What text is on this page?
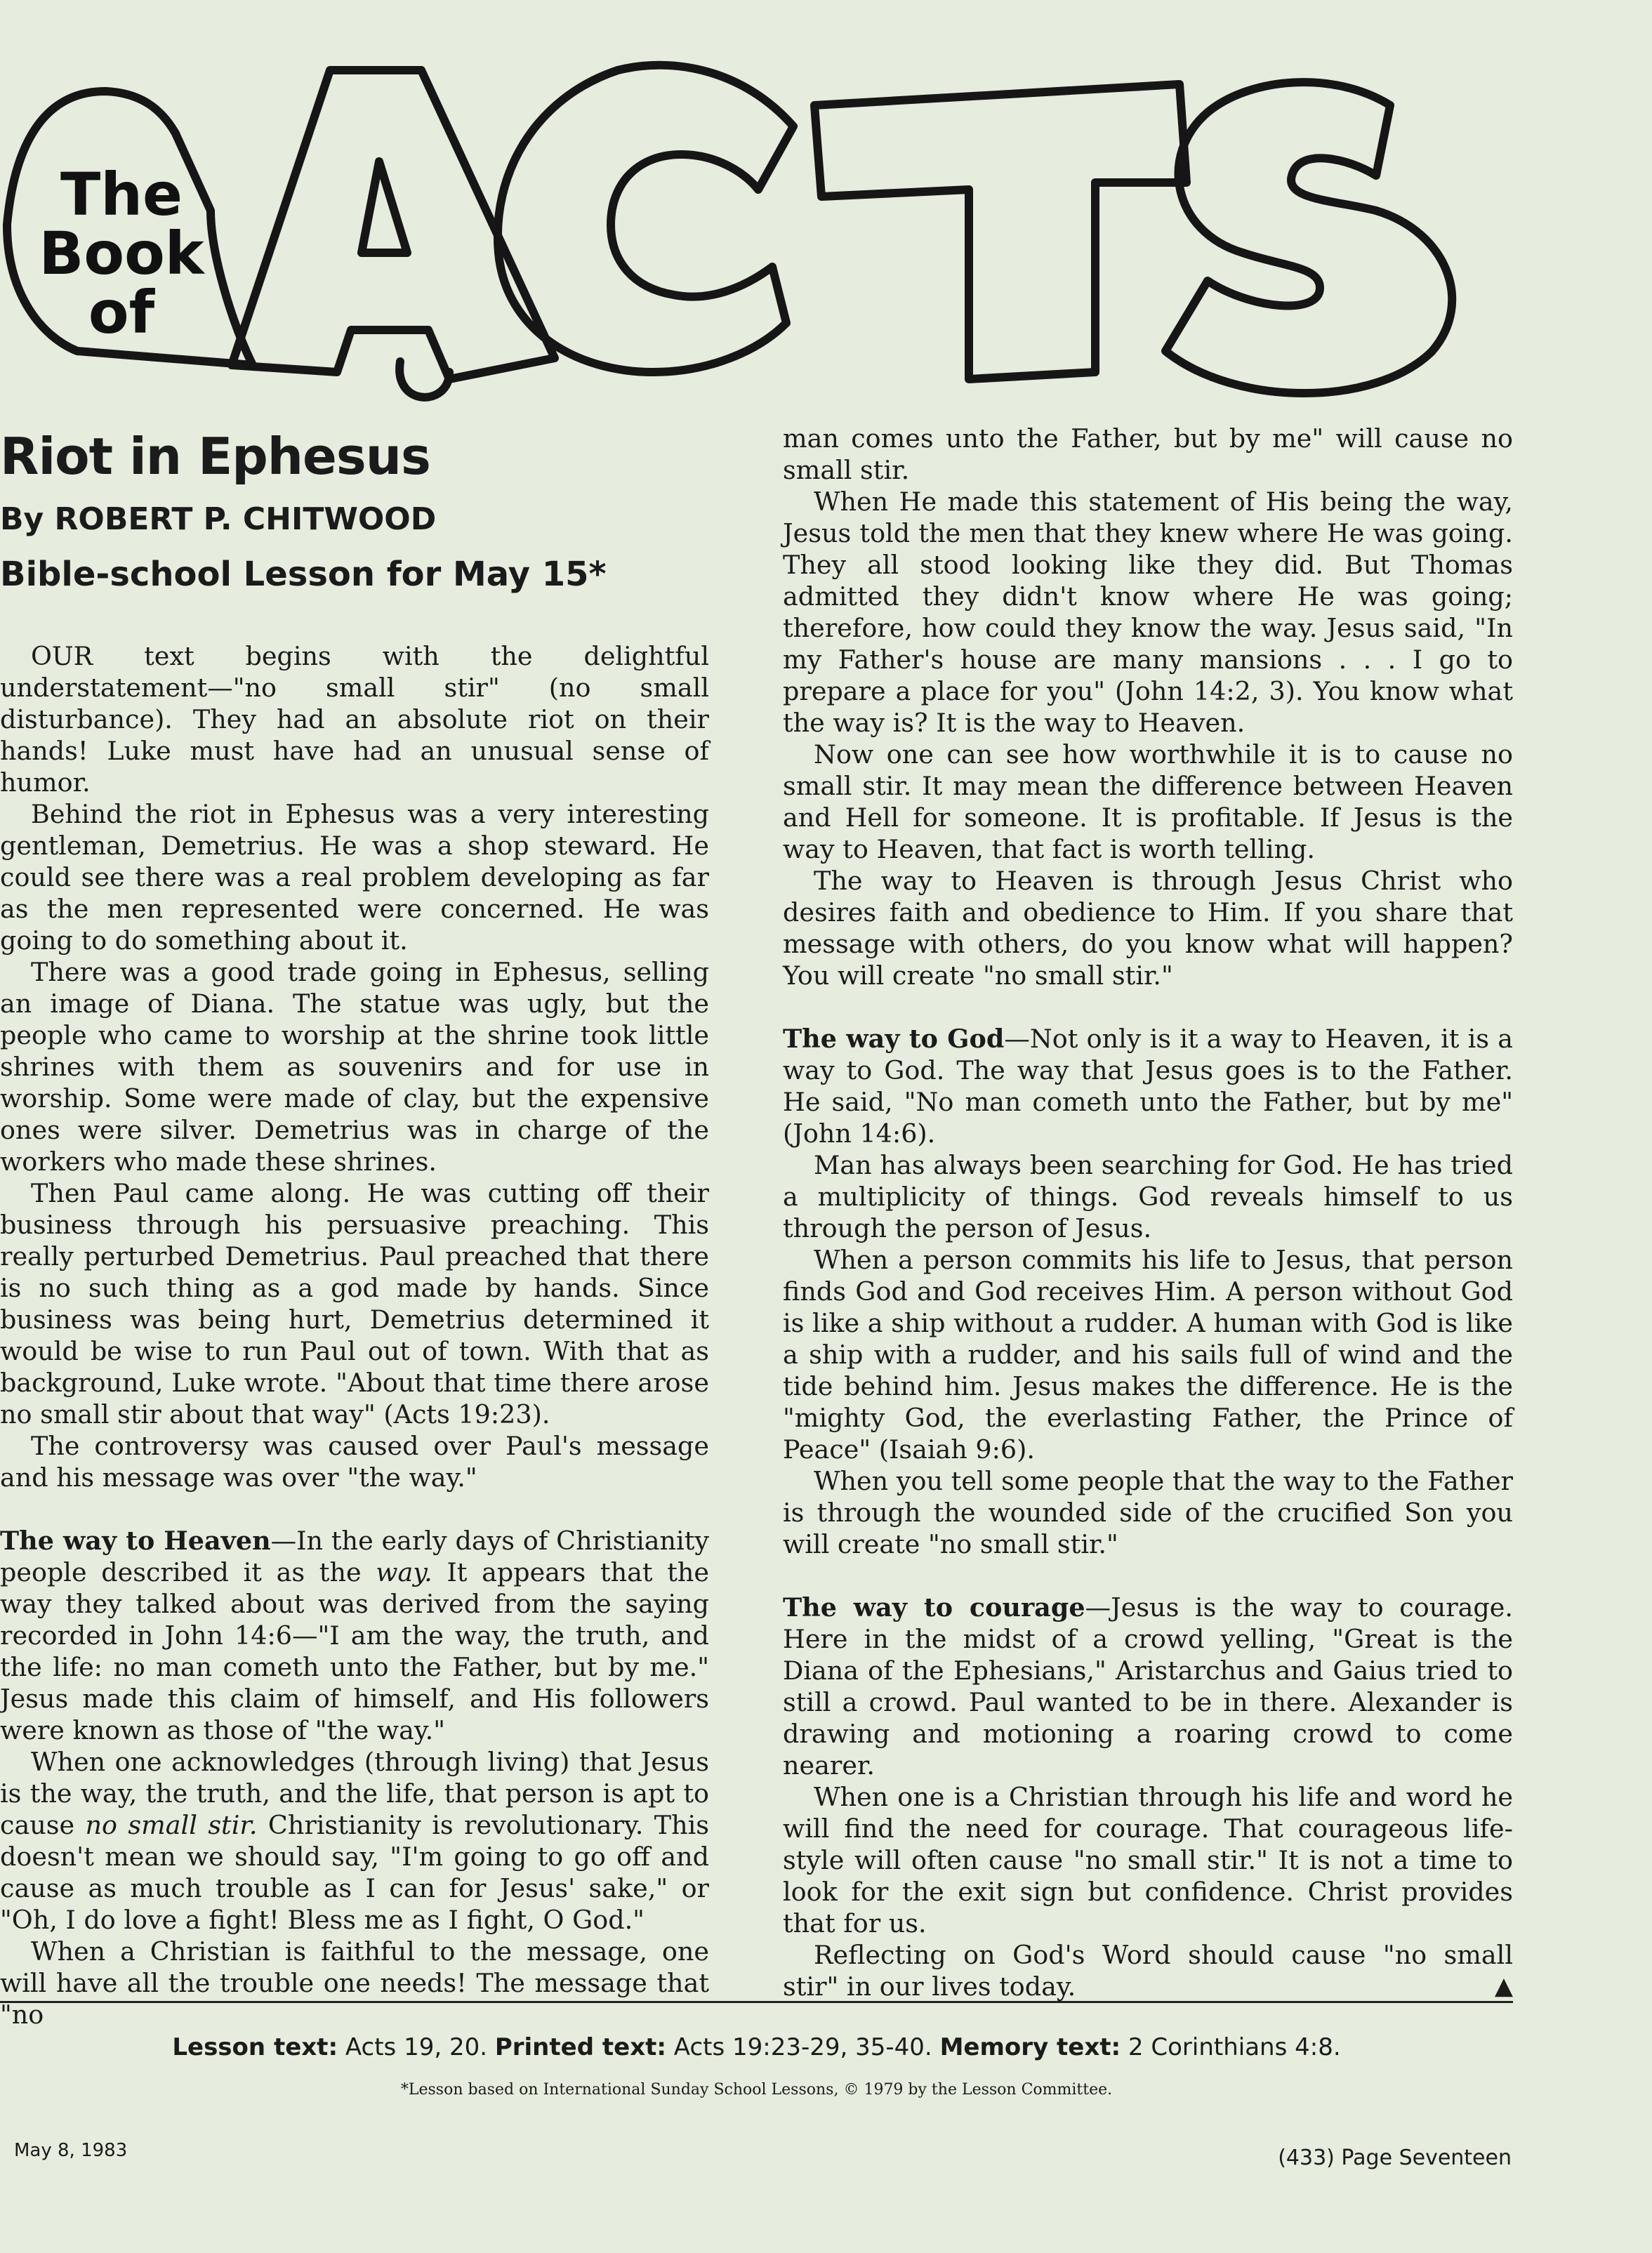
The
Book
of
Riot in Ephesus
By ROBERT P. CHITWOOD
Bible-school Lesson for May 15*

OUR text begins with the delightful understatement—"no small stir" (no small disturbance). They had an absolute riot on their hands! Luke must have had an unusual sense of humor.

Behind the riot in Ephesus was a very interesting gentleman, Demetrius. He was a shop steward. He could see there was a real problem developing as far as the men represented were concerned. He was going to do something about it.

There was a good trade going in Ephesus, selling an image of Diana. The statue was ugly, but the people who came to worship at the shrine took little shrines with them as souvenirs and for use in worship. Some were made of clay, but the expensive ones were silver. Demetrius was in charge of the workers who made these shrines.

Then Paul came along. He was cutting off their business through his persuasive preaching. This really perturbed Demetrius. Paul preached that there is no such thing as a god made by hands. Since business was being hurt, Demetrius determined it would be wise to run Paul out of town. With that as background, Luke wrote. "About that time there arose no small stir about that way" (Acts 19:23).

The controversy was caused over Paul's message and his message was over "the way."

The way to Heaven—In the early days of Christianity people described it as the way. It appears that the way they talked about was derived from the saying recorded in John 14:6—"I am the way, the truth, and the life: no man cometh unto the Father, but by me." Jesus made this claim of himself, and His followers were known as those of "the way."

When one acknowledges (through living) that Jesus is the way, the truth, and the life, that person is apt to cause no small stir. Christianity is revolutionary. This doesn't mean we should say, "I'm going to go off and cause as much trouble as I can for Jesus' sake," or "Oh, I do love a fight! Bless me as I fight, O God."

When a Christian is faithful to the message, one will have all the trouble one needs! The message that "no

man comes unto the Father, but by me" will cause no small stir.

When He made this statement of His being the way, Jesus told the men that they knew where He was going. They all stood looking like they did. But Thomas admitted they didn't know where He was going; therefore, how could they know the way. Jesus said, "In my Father's house are many mansions . . . I go to prepare a place for you" (John 14:2, 3). You know what the way is? It is the way to Heaven.

Now one can see how worthwhile it is to cause no small stir. It may mean the difference between Heaven and Hell for someone. It is profitable. If Jesus is the way to Heaven, that fact is worth telling.

The way to Heaven is through Jesus Christ who desires faith and obedience to Him. If you share that message with others, do you know what will happen? You will create "no small stir."

The way to God—Not only is it a way to Heaven, it is a way to God. The way that Jesus goes is to the Father. He said, "No man cometh unto the Father, but by me" (John 14:6).

Man has always been searching for God. He has tried a multiplicity of things. God reveals himself to us through the person of Jesus.

When a person commits his life to Jesus, that person finds God and God receives Him. A person without God is like a ship without a rudder. A human with God is like a ship with a rudder, and his sails full of wind and the tide behind him. Jesus makes the difference. He is the "mighty God, the everlasting Father, the Prince of Peace" (Isaiah 9:6).

When you tell some people that the way to the Father is through the wounded side of the crucified Son you will create "no small stir."

The way to courage—Jesus is the way to courage. Here in the midst of a crowd yelling, "Great is the Diana of the Ephesians," Aristarchus and Gaius tried to still a crowd. Paul wanted to be in there. Alexander is drawing and motioning a roaring crowd to come nearer.

When one is a Christian through his life and word he will find the need for courage. That courageous life-style will often cause "no small stir." It is not a time to look for the exit sign but confidence. Christ provides that for us.

Reflecting on God's Word should cause "no small stir" in our lives today.	▲

Lesson text: Acts 19, 20. Printed text: Acts 19:23-29, 35-40. Memory text: 2 Corinthians 4:8.
*Lesson based on International Sunday School Lessons, © 1979 by the Lesson Committee.
May 8, 1983	(433) Page Seventeen
